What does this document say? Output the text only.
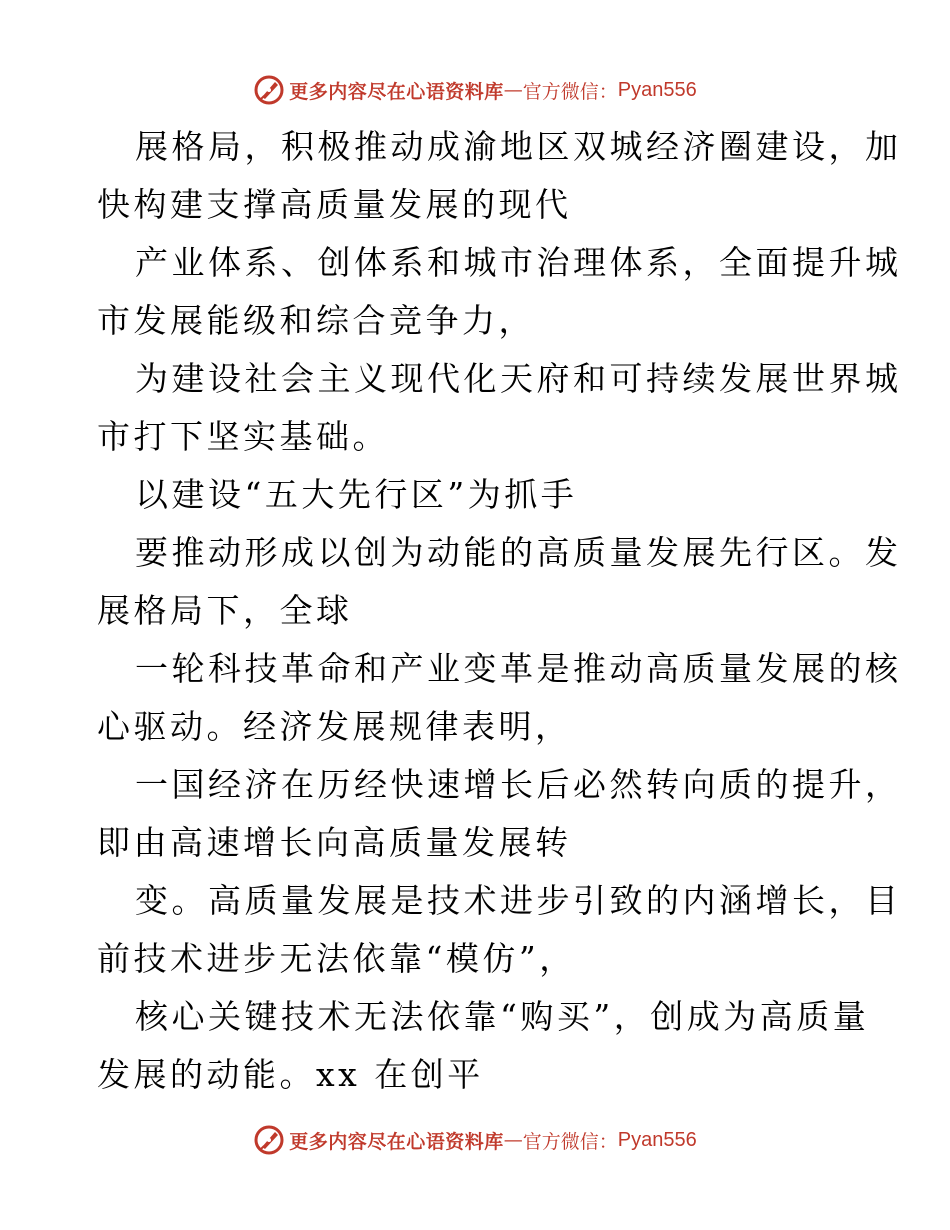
更多内容尽在心语资料库 — 官方微信： Pyan556
展格局，积极推动成渝地区双城经济圈建设，加
快构建支撑高质量发展的现代
产业体系、创体系和城市治理体系，全面提升城
市发展能级和综合竞争力，
为建设社会主义现代化天府和可持续发展世界城
市打下坚实基础。
以建设“五大先行区”为抓手
要推动形成以创为动能的高质量发展先行区。发
展格局下，全球
一轮科技革命和产业变革是推动高质量发展的核
心驱动。经济发展规律表明，
一国经济在历经快速增长后必然转向质的提升，
即由高速增长向高质量发展转
变。高质量发展是技术进步引致的内涵增长，目
前技术进步无法依靠“模仿”，
核心关键技术无法依靠“购买”，创成为高质量
发展的动能。xx 在创平
更多内容尽在心语资料库 — 官方微信： Pyan556
